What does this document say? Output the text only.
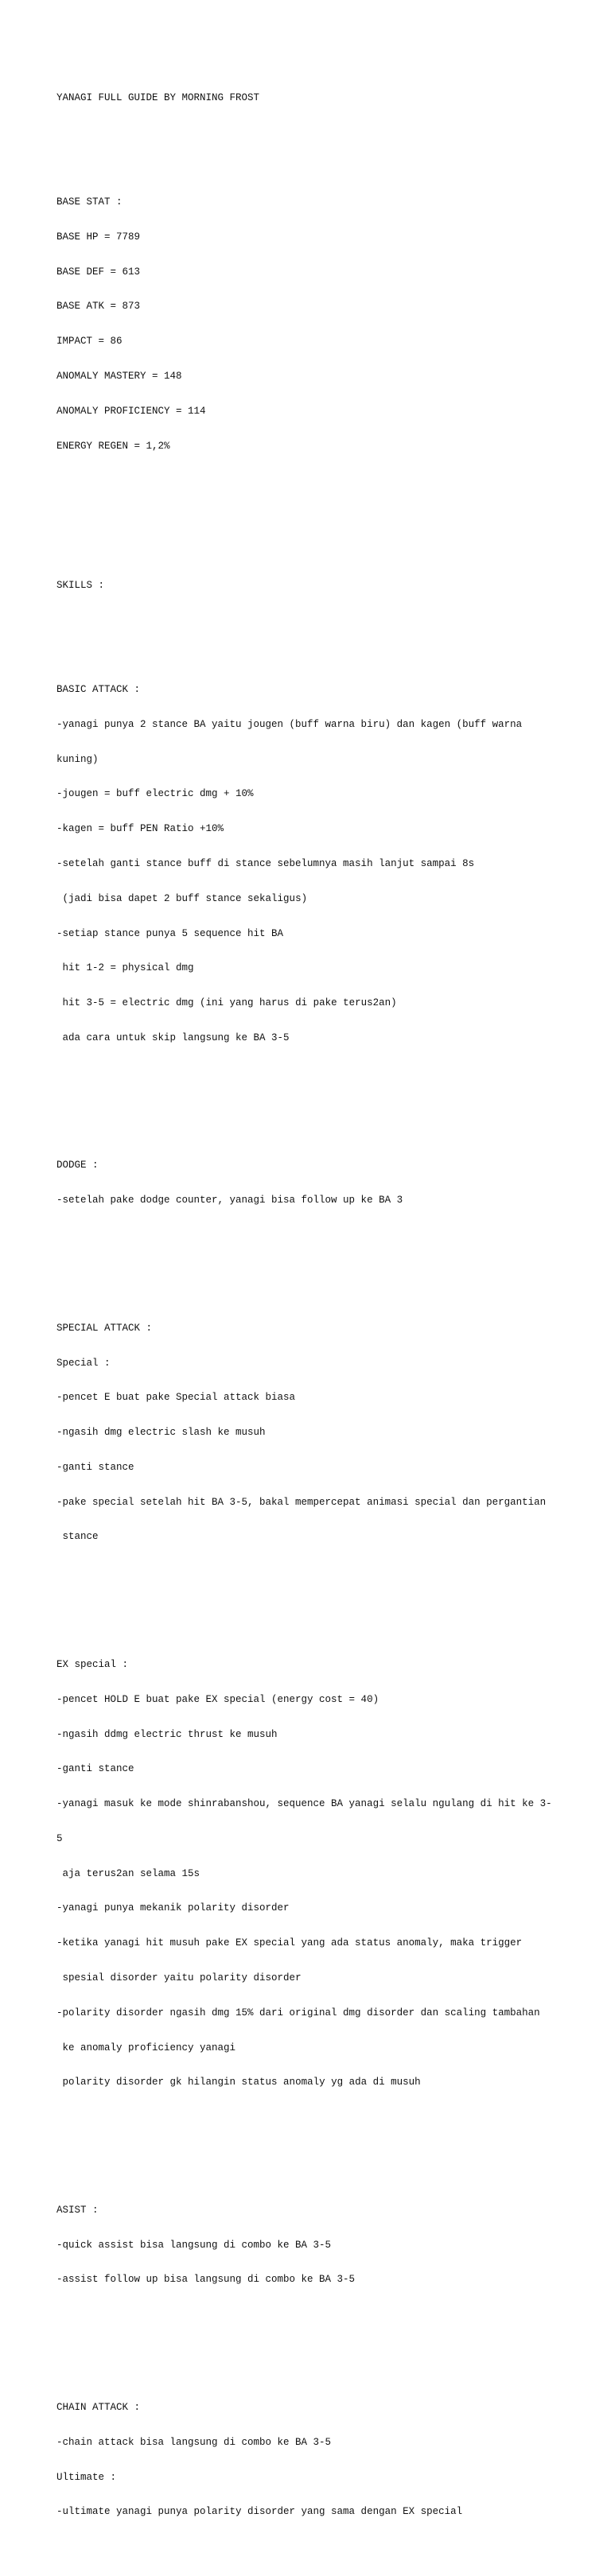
YANAGI FULL GUIDE BY MORNING FROST

BASE STAT :

BASE HP = 7789

BASE DEF = 613

BASE ATK = 873

IMPACT = 86

ANOMALY MASTERY = 148

ANOMALY PROFICIENCY = 114

ENERGY REGEN = 1,2%

SKILLS :

BASIC ATTACK :

-yanagi punya 2 stance BA yaitu jougen (buff warna biru) dan kagen (buff warna

kuning)

-jougen = buff electric dmg + 10%

-kagen = buff PEN Ratio +10%

-setelah ganti stance buff di stance sebelumnya masih lanjut sampai 8s

(jadi bisa dapet 2 buff stance sekaligus)

-setiap stance punya 5 sequence hit BA

hit 1-2 = physical dmg

hit 3-5 = electric dmg (ini yang harus di pake terus2an)

ada cara untuk skip langsung ke BA 3-5

DODGE :

-setelah pake dodge counter, yanagi bisa follow up ke BA 3

SPECIAL ATTACK :

Special :

-pencet E buat pake Special attack biasa

-ngasih dmg electric slash ke musuh

-ganti stance

-pake special setelah hit BA 3-5, bakal mempercepat animasi special dan pergantian

stance

EX special :

-pencet HOLD E buat pake EX special (energy cost = 40)

-ngasih ddmg electric thrust ke musuh

-ganti stance

-yanagi masuk ke mode shinrabanshou, sequence BA yanagi selalu ngulang di hit ke 3-

5

aja terus2an selama 15s

-yanagi punya mekanik polarity disorder

-ketika yanagi hit musuh pake EX special yang ada status anomaly, maka trigger

spesial disorder yaitu polarity disorder

-polarity disorder ngasih dmg 15% dari original dmg disorder dan scaling tambahan

ke anomaly proficiency yanagi

polarity disorder gk hilangin status anomaly yg ada di musuh

ASIST :

-quick assist bisa langsung di combo ke BA 3-5

-assist follow up bisa langsung di combo ke BA 3-5

CHAIN ATTACK :

-chain attack bisa langsung di combo ke BA 3-5

Ultimate :

-ultimate yanagi punya polarity disorder yang sama dengan EX special
